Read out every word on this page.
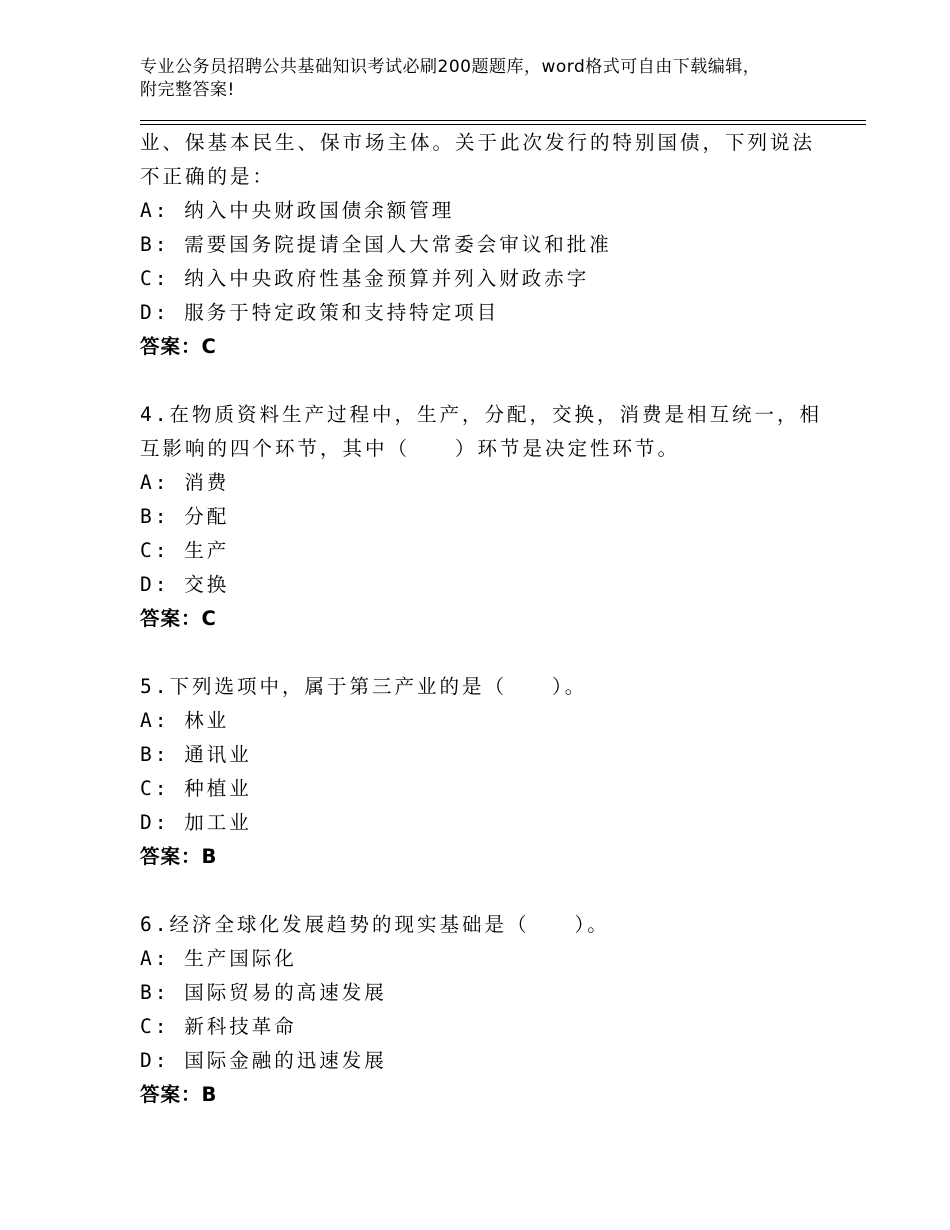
专业公务员招聘公共基础知识考试必刷200题题库，word格式可自由下载编辑，
附完整答案!
业、保基本民生、保市场主体。关于此次发行的特别国债，下列说法
不正确的是：
A: 纳入中央财政国债余额管理
B: 需要国务院提请全国人大常委会审议和批准
C: 纳入中央政府性基金预算并列入财政赤字
D: 服务于特定政策和支持特定项目
答案：C
4.在物质资料生产过程中，生产，分配，交换，消费是相互统一，相
互影响的四个环节，其中（　　）环节是决定性环节。
A: 消费
B: 分配
C: 生产
D: 交换
答案：C
5.下列选项中，属于第三产业的是（　　）。
A: 林业
B: 通讯业
C: 种植业
D: 加工业
答案：B
6.经济全球化发展趋势的现实基础是（　　）。
A: 生产国际化
B: 国际贸易的高速发展
C: 新科技革命
D: 国际金融的迅速发展
答案：B
